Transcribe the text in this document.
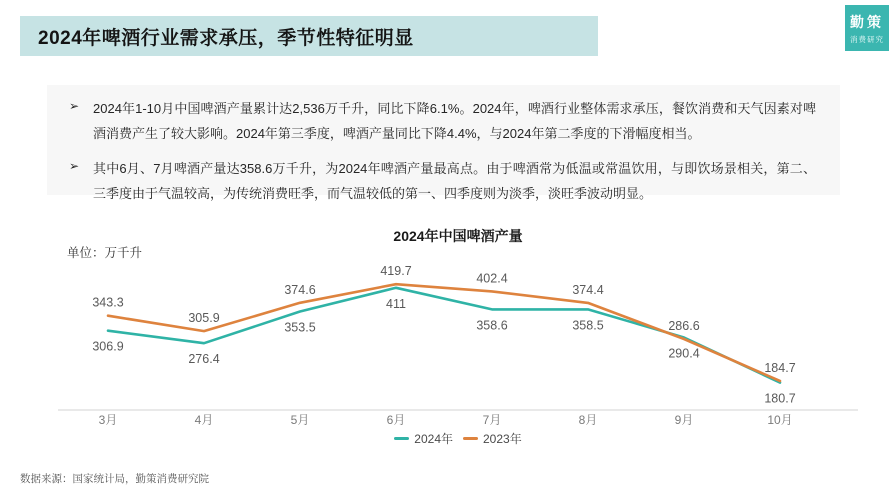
2024年啤酒行业需求承压，季节性特征明显
勤策
消费研究
➢	2024年1-10月中国啤酒产量累计达2,536万千升，同比下降6.1%。2024年，啤酒行业整体需求承压，餐饮消费和天气因素对啤酒消费产生了较大影响。2024年第三季度，啤酒产量同比下降4.4%，与2024年第二季度的下滑幅度相当。
➢	其中6月、7月啤酒产量达358.6万千升，为2024年啤酒产量最高点。由于啤酒常为低温或常温饮用，与即饮场景相关，第二、三季度由于气温较高，为传统消费旺季，而气温较低的第一、四季度则为淡季，淡旺季波动明显。
2024年中国啤酒产量
单位：万千升
3月	4月	5月	6月	7月	8月	9月	10月
306.9
276.4
353.5
411
358.6	358.5
290.4
180.7
343.3
305.9
374.6
419.7
402.4
374.4
286.6
184.7
2024年	2023年
数据来源：国家统计局，勤策消费研究院
